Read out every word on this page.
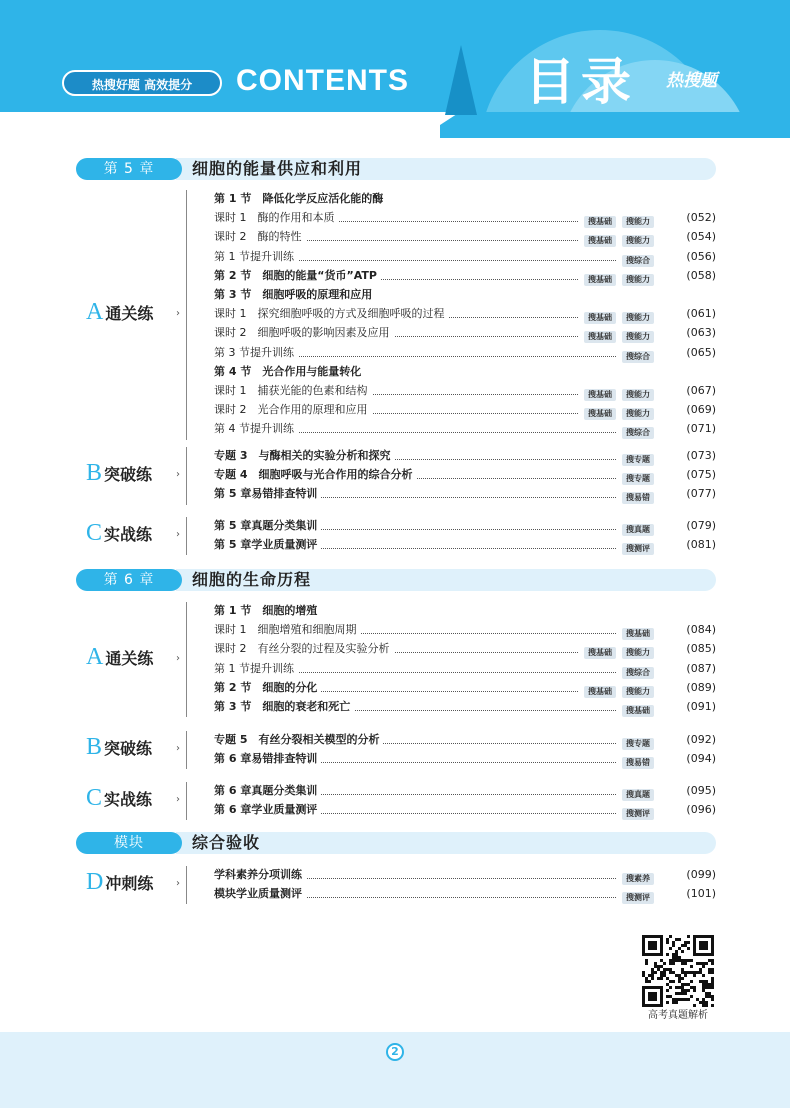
热搜好题 高效提分	CONTENTS 目录 热搜题
第 5 章	细胞的能量供应和利用
A通关练 ›
第 1 节　降低化学反应活化能的酶
课时 1　酶的作用和本质	搜基础 搜能力	(052)
课时 2　酶的特性	搜基础 搜能力	(054)
第 1 节提升训练	搜综合	(056)
第 2 节　细胞的能量“货币”ATP	搜基础 搜能力	(058)
第 3 节　细胞呼吸的原理和应用
课时 1　探究细胞呼吸的方式及细胞呼吸的过程	搜基础 搜能力	(061)
课时 2　细胞呼吸的影响因素及应用	搜基础 搜能力	(063)
第 3 节提升训练	搜综合	(065)
第 4 节　光合作用与能量转化
课时 1　捕获光能的色素和结构	搜基础 搜能力	(067)
课时 2　光合作用的原理和应用	搜基础 搜能力	(069)
第 4 节提升训练	搜综合	(071)
B突破练 ›
专题 3　与酶相关的实验分析和探究	搜专题	(073)
专题 4　细胞呼吸与光合作用的综合分析	搜专题	(075)
第 5 章易错排查特训	搜易错	(077)
C实战练 ›
第 5 章真题分类集训	搜真题	(079)
第 5 章学业质量测评	搜测评	(081)
第 6 章	细胞的生命历程
A通关练 ›
第 1 节　细胞的增殖
课时 1　细胞增殖和细胞周期	搜基础	(084)
课时 2　有丝分裂的过程及实验分析	搜基础 搜能力	(085)
第 1 节提升训练	搜综合	(087)
第 2 节　细胞的分化	搜基础 搜能力	(089)
第 3 节　细胞的衰老和死亡	搜基础	(091)
B突破练 ›
专题 5　有丝分裂相关模型的分析	搜专题	(092)
第 6 章易错排查特训	搜易错	(094)
C实战练 ›
第 6 章真题分类集训	搜真题	(095)
第 6 章学业质量测评	搜测评	(096)
模块	综合验收
D冲刺练 ›
学科素养分项训练	搜素养	(099)
模块学业质量测评	搜测评	(101)
高考真题解析
2
